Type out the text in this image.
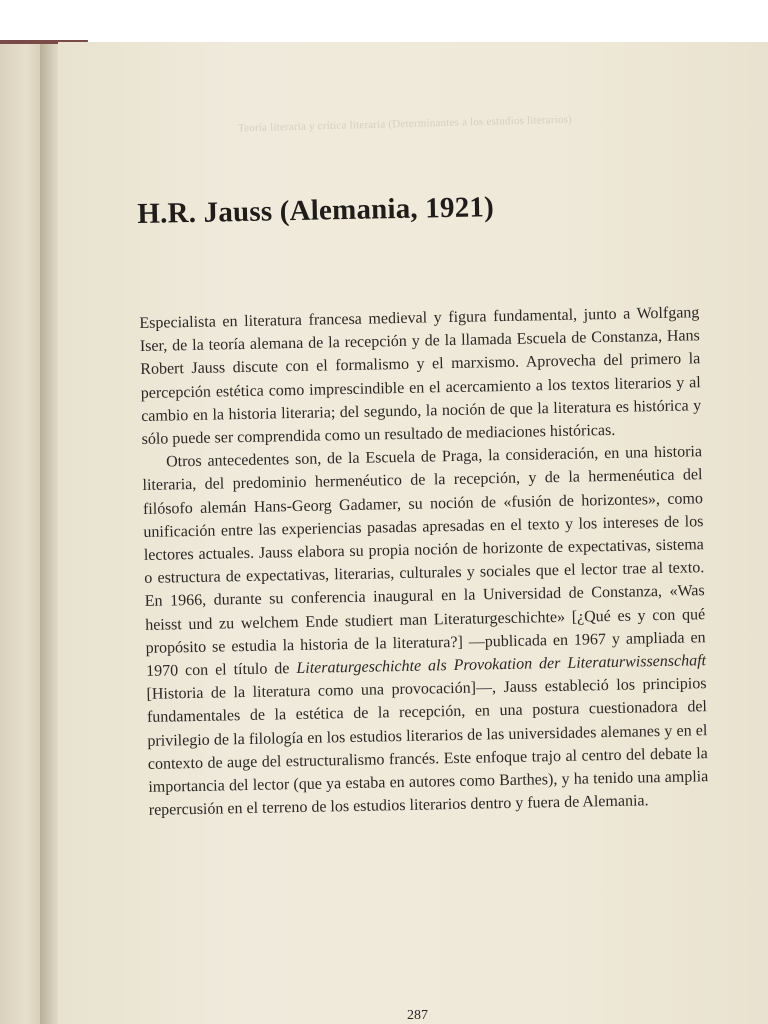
Teoría literaria y crítica literaria (Determinantes a los estudios literarios)
H.R. Jauss (Alemania, 1921)

Especialista en literatura francesa medieval y figura fundamental, junto a Wolfgang Iser, de la teoría alemana de la recepción y de la llamada Escuela de Constanza, Hans Robert Jauss discute con el formalismo y el marxismo. Aprovecha del primero la percepción estética como imprescindible en el acercamiento a los textos literarios y al cambio en la historia literaria; del segundo, la noción de que la literatura es histórica y sólo puede ser comprendida como un resultado de mediaciones históricas.

Otros antecedentes son, de la Escuela de Praga, la consideración, en una historia literaria, del predominio hermenéutico de la recepción, y de la hermenéutica del filósofo alemán Hans-Georg Gadamer, su noción de «fusión de horizontes», como unificación entre las experiencias pasadas apresadas en el texto y los intereses de los lectores actuales. Jauss elabora su propia noción de horizonte de expectativas, sistema o estructura de expectativas, literarias, culturales y sociales que el lector trae al texto. En 1966, durante su conferencia inaugural en la Universidad de Constanza, «Was heisst und zu welchem Ende studiert man Literaturgeschichte» [¿Qué es y con qué propósito se estudia la historia de la literatura?] —publicada en 1967 y ampliada en 1970 con el título de Literaturgeschichte als Provokation der Literaturwissenschaft [Historia de la literatura como una provocación]—, Jauss estableció los principios fundamentales de la estética de la recepción, en una postura cuestionadora del privilegio de la filología en los estudios literarios de las universidades alemanes y en el contexto de auge del estructuralismo francés. Este enfoque trajo al centro del debate la importancia del lector (que ya estaba en autores como Barthes), y ha tenido una amplia repercusión en el terreno de los estudios literarios dentro y fuera de Alemania.

287
